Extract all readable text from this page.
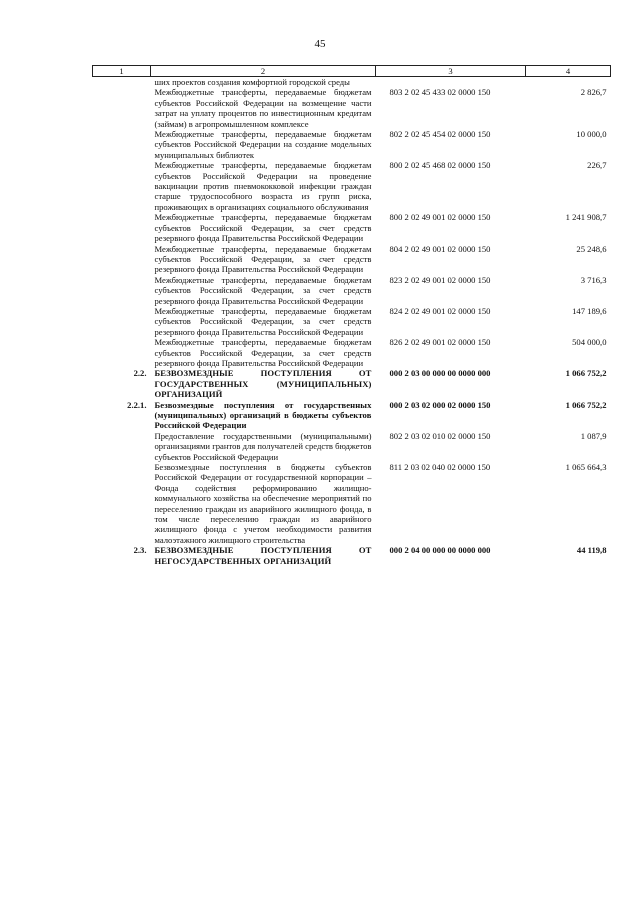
45
1	2	3	4
	ших проектов создания комфортной городской среды		
	Межбюджетные трансферты, передаваемые бюджетам субъектов Российской Федерации на возмещение части затрат на уплату процентов по инвестиционным кредитам (займам) в агропромышленном комплексе	803 2 02 45 433 02 0000 150	2 826,7
	Межбюджетные трансферты, передаваемые бюджетам субъектов Российской Федерации на создание модельных муниципальных библиотек	802 2 02 45 454 02 0000 150	10 000,0
	Межбюджетные трансферты, передаваемые бюджетам субъектов Российской Федерации на проведение вакцинации против пневмококковой инфекции граждан старше трудоспособного возраста из групп риска, проживающих в организациях социального обслуживания	800 2 02 45 468 02 0000 150	226,7
	Межбюджетные трансферты, передаваемые бюджетам субъектов Российской Федерации, за счет средств резервного фонда Правительства Российской Федерации	800 2 02 49 001 02 0000 150	1 241 908,7
	Межбюджетные трансферты, передаваемые бюджетам субъектов Российской Федерации, за счет средств резервного фонда Правительства Российской Федерации	804 2 02 49 001 02 0000 150	25 248,6
	Межбюджетные трансферты, передаваемые бюджетам субъектов Российской Федерации, за счет средств резервного фонда Правительства Российской Федерации	823 2 02 49 001 02 0000 150	3 716,3
	Межбюджетные трансферты, передаваемые бюджетам субъектов Российской Федерации, за счет средств резервного фонда Правительства Российской Федерации	824 2 02 49 001 02 0000 150	147 189,6
	Межбюджетные трансферты, передаваемые бюджетам субъектов Российской Федерации, за счет средств резервного фонда Правительства Российской Федерации	826 2 02 49 001 02 0000 150	504 000,0
2.2.	БЕЗВОЗМЕЗДНЫЕ ПОСТУПЛЕНИЯ ОТ ГОСУДАРСТВЕННЫХ (МУНИЦИПАЛЬНЫХ) ОРГАНИЗАЦИЙ	000 2 03 00 000 00 0000 000	1 066 752,2
2.2.1.	Безвозмездные поступления от государственных (муниципальных) организаций в бюджеты субъектов Российской Федерации	000 2 03 02 000 02 0000 150	1 066 752,2
	Предоставление государственными (муниципальными) организациями грантов для получателей средств бюджетов субъектов Российской Федерации	802 2 03 02 010 02 0000 150	1 087,9
	Безвозмездные поступления в бюджеты субъектов Российской Федерации от государственной корпорации – Фонда содействия реформированию жилищно-коммунального хозяйства на обеспечение мероприятий по переселению граждан из аварийного жилищного фонда, в том числе переселению граждан из аварийного жилищного фонда с учетом необходимости развития малоэтажного жилищного строительства	811 2 03 02 040 02 0000 150	1 065 664,3
2.3.	БЕЗВОЗМЕЗДНЫЕ ПОСТУПЛЕНИЯ ОТ НЕГОСУДАРСТВЕННЫХ ОРГАНИЗАЦИЙ	000 2 04 00 000 00 0000 000	44 119,8
